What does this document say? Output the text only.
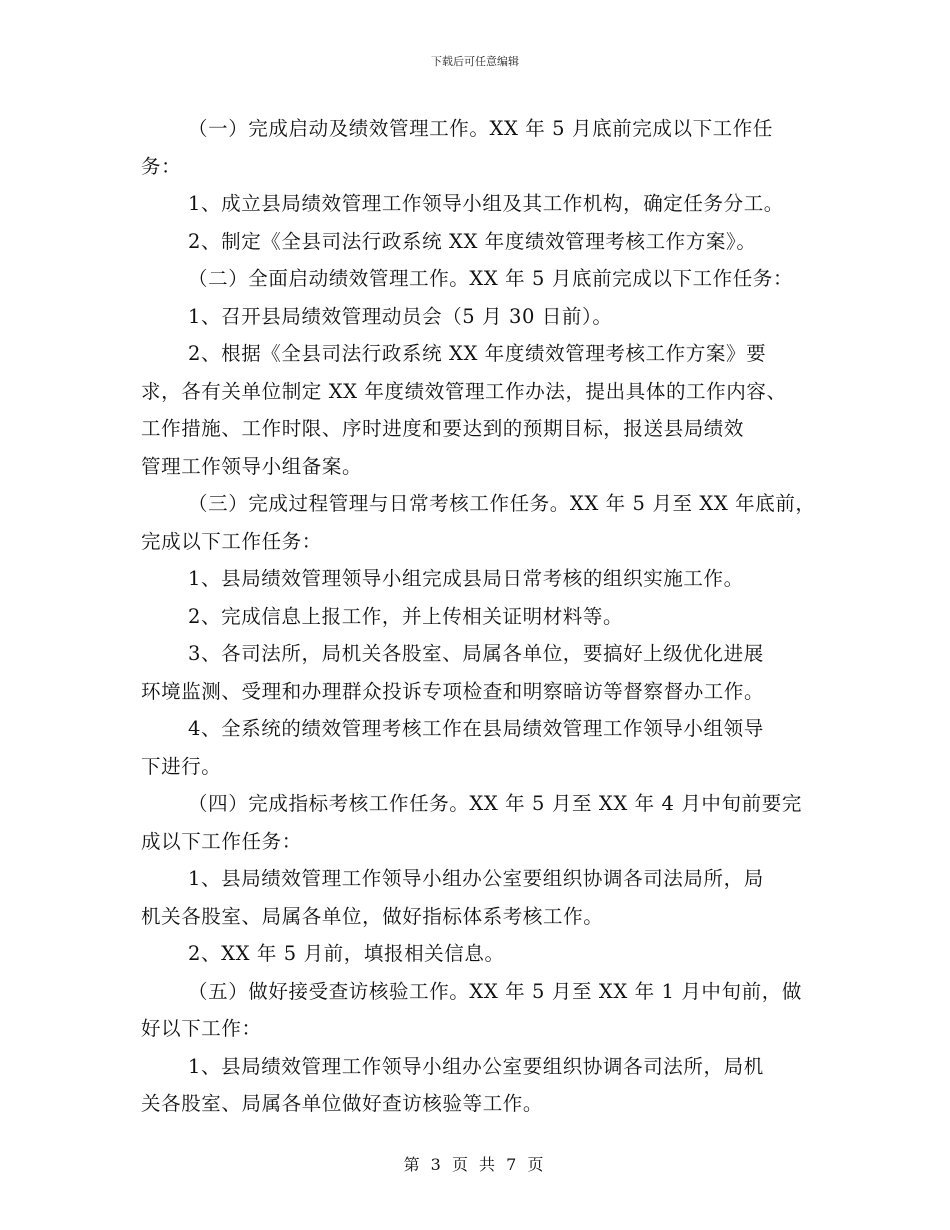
下载后可任意编辑
（一）完成启动及绩效管理工作。XX 年 5 月底前完成以下工作任
务：
1、成立县局绩效管理工作领导小组及其工作机构，确定任务分工。
2、制定《全县司法行政系统 XX 年度绩效管理考核工作方案》。
（二）全面启动绩效管理工作。XX 年 5 月底前完成以下工作任务：
1、召开县局绩效管理动员会（5 月 30 日前）。
2、根据《全县司法行政系统 XX 年度绩效管理考核工作方案》要
求，各有关单位制定 XX 年度绩效管理工作办法，提出具体的工作内容、
工作措施、工作时限、序时进度和要达到的预期目标，报送县局绩效
管理工作领导小组备案。
（三）完成过程管理与日常考核工作任务。XX 年 5 月至 XX 年底前，
完成以下工作任务：
1、县局绩效管理领导小组完成县局日常考核的组织实施工作。
2、完成信息上报工作，并上传相关证明材料等。
3、各司法所，局机关各股室、局属各单位，要搞好上级优化进展
环境监测、受理和办理群众投诉专项检查和明察暗访等督察督办工作。
4、全系统的绩效管理考核工作在县局绩效管理工作领导小组领导
下进行。
（四）完成指标考核工作任务。XX 年 5 月至 XX 年 4 月中旬前要完
成以下工作任务：
1、县局绩效管理工作领导小组办公室要组织协调各司法局所，局
机关各股室、局属各单位，做好指标体系考核工作。
2、XX 年 5 月前，填报相关信息。
（五）做好接受查访核验工作。XX 年 5 月至 XX 年 1 月中旬前，做
好以下工作：
1、县局绩效管理工作领导小组办公室要组织协调各司法所，局机
关各股室、局属各单位做好查访核验等工作。
第 3 页 共 7 页
